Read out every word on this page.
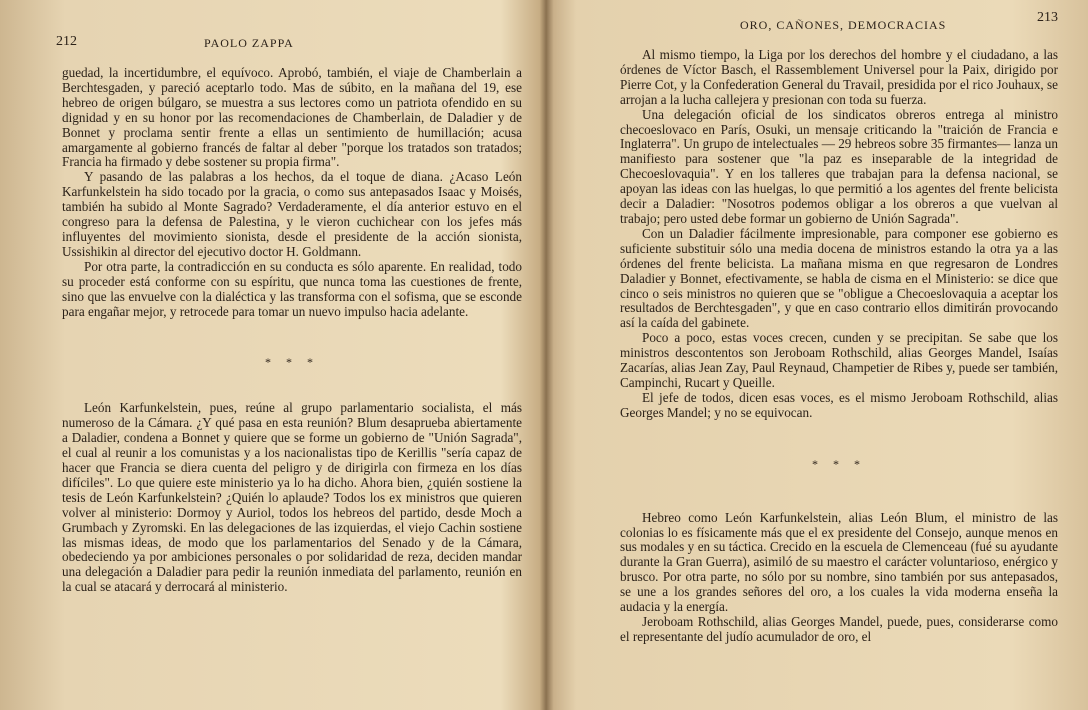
212	PAOLO ZAPPA

guedad, la incertidumbre, el equívoco. Aprobó, también, el viaje de Chamberlain a Berchtesgaden, y pareció aceptarlo todo. Mas de súbito, en la mañana del 19, ese hebreo de origen búlgaro, se muestra a sus lectores como un patriota ofendido en su dignidad y en su honor por las recomendaciones de Chamberlain, de Daladier y de Bonnet y proclama sentir frente a ellas un sentimiento de humillación; acusa amargamente al gobierno francés de faltar al deber "porque los tratados son tratados; Francia ha firmado y debe sostener su propia firma".

Y pasando de las palabras a los hechos, da el toque de diana. ¿Acaso León Karfunkelstein ha sido tocado por la gracia, o como sus antepasados Isaac y Moisés, también ha subido al Monte Sagrado? Verdaderamente, el día anterior estuvo en el congreso para la defensa de Palestina, y le vieron cuchichear con los jefes más influyentes del movimiento sionista, desde el presidente de la acción sionista, Ussishikin al director del ejecutivo doctor H. Goldmann.

Por otra parte, la contradicción en su conducta es sólo aparente. En realidad, todo su proceder está conforme con su espíritu, que nunca toma las cuestiones de frente, sino que las envuelve con la dialéctica y las transforma con el sofisma, que se esconde para engañar mejor, y retrocede para tomar un nuevo impulso hacia adelante.

* * *

León Karfunkelstein, pues, reúne al grupo parlamentario socialista, el más numeroso de la Cámara. ¿Y qué pasa en esta reunión? Blum desaprueba abiertamente a Daladier, condena a Bonnet y quiere que se forme un gobierno de "Unión Sagrada", el cual al reunir a los comunistas y a los nacionalistas tipo de Kerillis "sería capaz de hacer que Francia se diera cuenta del peligro y de dirigirla con firmeza en los días difíciles". Lo que quiere este ministerio ya lo ha dicho. Ahora bien, ¿quién sostiene la tesis de León Karfunkelstein? ¿Quién lo aplaude? Todos los ex ministros que quieren volver al ministerio: Dormoy y Auriol, todos los hebreos del partido, desde Moch a Grumbach y Zyromski. En las delegaciones de las izquierdas, el viejo Cachin sostiene las mismas ideas, de modo que los parlamentarios del Senado y de la Cámara, obedeciendo ya por ambiciones personales o por solidaridad de reza, deciden mandar una delegación a Daladier para pedir la reunión inmediata del parlamento, reunión en la cual se atacará y derrocará al ministerio.

ORO, CAÑONES, DEMOCRACIAS	213

Al mismo tiempo, la Liga por los derechos del hombre y el ciudadano, a las órdenes de Víctor Basch, el Rassemblement Universel pour la Paix, dirigido por Pierre Cot, y la Confederation General du Travail, presidida por el rico Jouhaux, se arrojan a la lucha callejera y presionan con toda su fuerza.

Una delegación oficial de los sindicatos obreros entrega al ministro checoeslovaco en París, Osuki, un mensaje criticando la "traición de Francia e Inglaterra". Un grupo de intelectuales — 29 hebreos sobre 35 firmantes— lanza un manifiesto para sostener que "la paz es inseparable de la integridad de Checoeslovaquia". Y en los talleres que trabajan para la defensa nacional, se apoyan las ideas con las huelgas, lo que permitió a los agentes del frente belicista decir a Daladier: "Nosotros podemos obligar a los obreros a que vuelvan al trabajo; pero usted debe formar un gobierno de Unión Sagrada".

Con un Daladier fácilmente impresionable, para componer ese gobierno es suficiente substituir sólo una media docena de ministros estando la otra ya a las órdenes del frente belicista. La mañana misma en que regresaron de Londres Daladier y Bonnet, efectivamente, se habla de cisma en el Ministerio: se dice que cinco o seis ministros no quieren que se "obligue a Checoeslovaquia a aceptar los resultados de Berchtesgaden", y que en caso contrario ellos dimitirán provocando así la caída del gabinete.

Poco a poco, estas voces crecen, cunden y se precipitan. Se sabe que los ministros descontentos son Jeroboam Rothschild, alias Georges Mandel, Isaías Zacarías, alias Jean Zay, Paul Reynaud, Champetier de Ribes y, puede ser también, Campinchi, Rucart y Queille.

El jefe de todos, dicen esas voces, es el mismo Jeroboam Rothschild, alias Georges Mandel; y no se equivocan.

* * *

Hebreo como León Karfunkelstein, alias León Blum, el ministro de las colonias lo es físicamente más que el ex presidente del Consejo, aunque menos en sus modales y en su táctica. Crecido en la escuela de Clemenceau (fué su ayudante durante la Gran Guerra), asimiló de su maestro el carácter voluntarioso, enérgico y brusco. Por otra parte, no sólo por su nombre, sino también por sus antepasados, se une a los grandes señores del oro, a los cuales la vida moderna enseña la audacia y la energía.

Jeroboam Rothschild, alias Georges Mandel, puede, pues, considerarse como el representante del judío acumulador de oro, el
